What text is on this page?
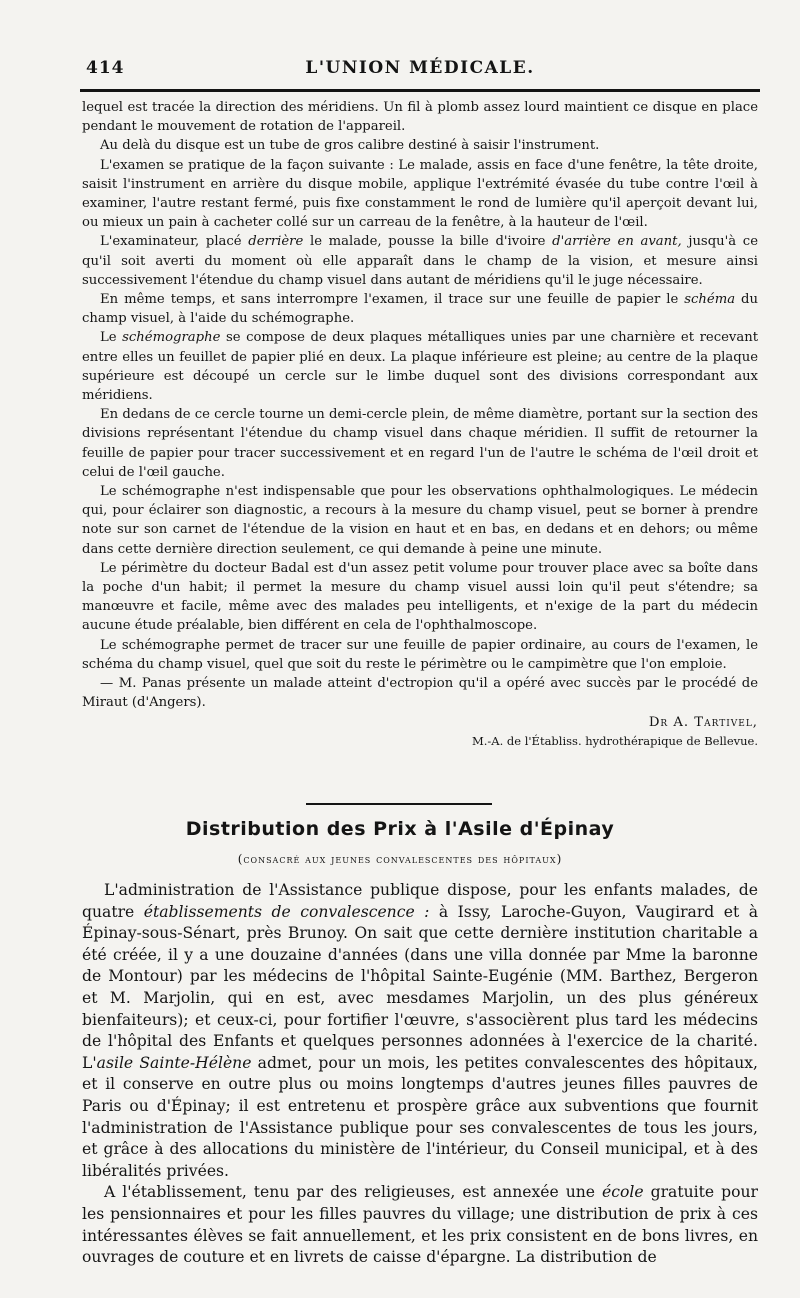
414	L'UNION MÉDICALE.

lequel est tracée la direction des méridiens. Un fil à plomb assez lourd maintient ce disque en place pendant le mouvement de rotation de l'appareil.

Au delà du disque est un tube de gros calibre destiné à saisir l'instrument.

L'examen se pratique de la façon suivante : Le malade, assis en face d'une fenêtre, la tête droite, saisit l'instrument en arrière du disque mobile, applique l'extrémité évasée du tube contre l'œil à examiner, l'autre restant fermé, puis fixe constamment le rond de lumière qu'il aperçoit devant lui, ou mieux un pain à cacheter collé sur un carreau de la fenêtre, à la hauteur de l'œil.

L'examinateur, placé derrière le malade, pousse la bille d'ivoire d'arrière en avant, jusqu'à ce qu'il soit averti du moment où elle apparaît dans le champ de la vision, et mesure ainsi successivement l'étendue du champ visuel dans autant de méridiens qu'il le juge nécessaire.

En même temps, et sans interrompre l'examen, il trace sur une feuille de papier le schéma du champ visuel, à l'aide du schémographe.

Le schémographe se compose de deux plaques métalliques unies par une charnière et recevant entre elles un feuillet de papier plié en deux. La plaque inférieure est pleine; au centre de la plaque supérieure est découpé un cercle sur le limbe duquel sont des divisions correspondant aux méridiens.

En dedans de ce cercle tourne un demi-cercle plein, de même diamètre, portant sur la section des divisions représentant l'étendue du champ visuel dans chaque méridien. Il suffit de retourner la feuille de papier pour tracer successivement et en regard l'un de l'autre le schéma de l'œil droit et celui de l'œil gauche.

Le schémographe n'est indispensable que pour les observations ophthalmologiques. Le médecin qui, pour éclairer son diagnostic, a recours à la mesure du champ visuel, peut se borner à prendre note sur son carnet de l'étendue de la vision en haut et en bas, en dedans et en dehors; ou même dans cette dernière direction seulement, ce qui demande à peine une minute.

Le périmètre du docteur Badal est d'un assez petit volume pour trouver place avec sa boîte dans la poche d'un habit; il permet la mesure du champ visuel aussi loin qu'il peut s'étendre; sa manœuvre et facile, même avec des malades peu intelligents, et n'exige de la part du médecin aucune étude préalable, bien différent en cela de l'ophthalmoscope.

Le schémographe permet de tracer sur une feuille de papier ordinaire, au cours de l'examen, le schéma du champ visuel, quel que soit du reste le périmètre ou le campimètre que l'on emploie.

— M. Panas présente un malade atteint d'ectropion qu'il a opéré avec succès par le procédé de Miraut (d'Angers).

Dr A. Tartivel,

M.-A. de l'Établiss. hydrothérapique de Bellevue.

Distribution des Prix à l'Asile d'Épinay
(consacré aux jeunes convalescentes des hôpitaux)

L'administration de l'Assistance publique dispose, pour les enfants malades, de quatre établissements de convalescence : à Issy, Laroche-Guyon, Vaugirard et à Épinay-sous-Sénart, près Brunoy. On sait que cette dernière institution charitable a été créée, il y a une douzaine d'années (dans une villa donnée par Mme la baronne de Montour) par les médecins de l'hôpital Sainte-Eugénie (MM. Barthez, Bergeron et M. Marjolin, qui en est, avec mesdames Marjolin, un des plus généreux bienfaiteurs); et ceux-ci, pour fortifier l'œuvre, s'associèrent plus tard les médecins de l'hôpital des Enfants et quelques personnes adonnées à l'exercice de la charité. L'asile Sainte-Hélène admet, pour un mois, les petites convalescentes des hôpitaux, et il conserve en outre plus ou moins longtemps d'autres jeunes filles pauvres de Paris ou d'Épinay; il est entretenu et prospère grâce aux subventions que fournit l'administration de l'Assistance publique pour ses convalescentes de tous les jours, et grâce à des allocations du ministère de l'intérieur, du Conseil municipal, et à des libéralités privées.

A l'établissement, tenu par des religieuses, est annexée une école gratuite pour les pensionnaires et pour les filles pauvres du village; une distribution de prix à ces intéressantes élèves se fait annuellement, et les prix consistent en de bons livres, en ouvrages de couture et en livrets de caisse d'épargne. La distribution de
